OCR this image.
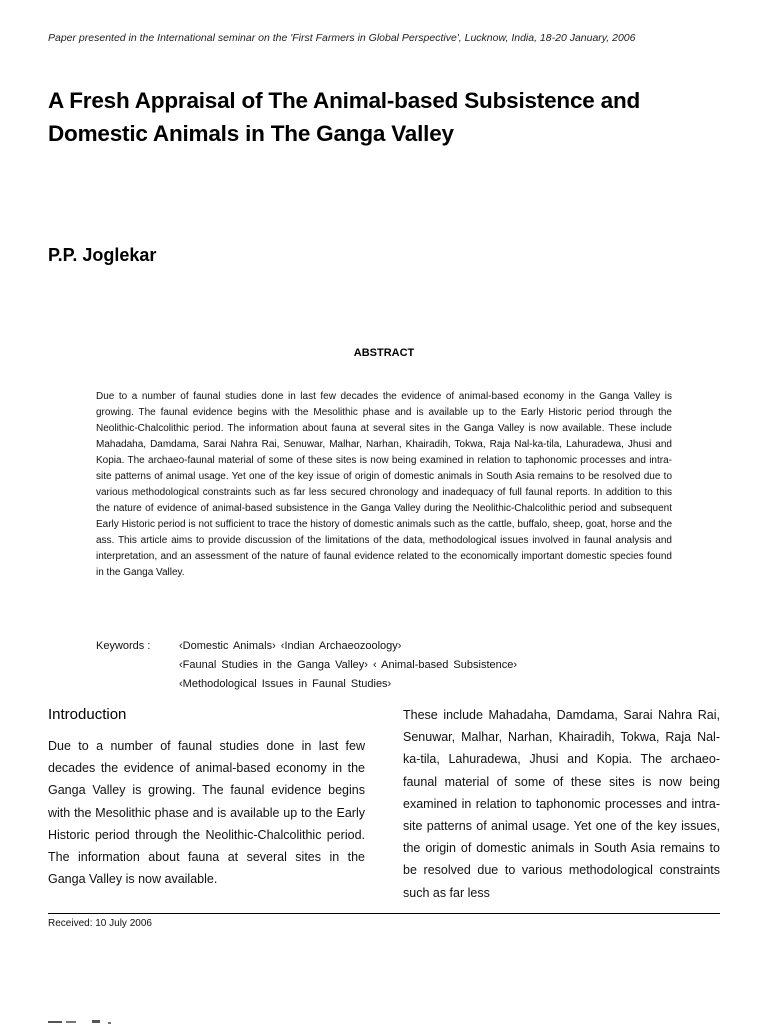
Paper presented in the International seminar on the 'First Farmers in Global Perspective', Lucknow, India, 18-20 January, 2006
A Fresh Appraisal of The Animal-based Subsistence and Domestic Animals in The Ganga Valley
P.P. Joglekar
ABSTRACT

Due to a number of faunal studies done in last few decades the evidence of animal-based economy in the Ganga Valley is growing. The faunal evidence begins with the Mesolithic phase and is available up to the Early Historic period through the Neolithic-Chalcolithic period. The information about fauna at several sites in the Ganga Valley is now available. These include Mahadaha, Damdama, Sarai Nahra Rai, Senuwar, Malhar, Narhan, Khairadih, Tokwa, Raja Nal-ka-tila, Lahuradewa, Jhusi and Kopia. The archaeo-faunal material of some of these sites is now being examined in relation to taphonomic processes and intra-site patterns of animal usage. Yet one of the key issue of origin of domestic animals in South Asia remains to be resolved due to various methodological constraints such as far less secured chronology and inadequacy of full faunal reports. In addition to this the nature of evidence of animal-based subsistence in the Ganga Valley during the Neolithic-Chalcolithic period and subsequent Early Historic period is not sufficient to trace the history of domestic animals such as the cattle, buffalo, sheep, goat, horse and the ass. This article aims to provide discussion of the limitations of the data, methodological issues involved in faunal analysis and interpretation, and an assessment of the nature of faunal evidence related to the economically important domestic species found in the Ganga Valley.

Keywords :	‹Domestic Animals› ‹Indian Archaeozoology›
‹Faunal Studies in the Ganga Valley› ‹ Animal-based Subsistence›
‹Methodological Issues in Faunal Studies›
Introduction

Due to a number of faunal studies done in last few decades the evidence of animal-based economy in the Ganga Valley is growing. The faunal evidence begins with the Mesolithic phase and is available up to the Early Historic period through the Neolithic-Chalcolithic period. The information about fauna at several sites in the Ganga Valley is now available.

These include Mahadaha, Damdama, Sarai Nahra Rai, Senuwar, Malhar, Narhan, Khairadih, Tokwa, Raja Nal-ka-tila, Lahuradewa, Jhusi and Kopia. The archaeo-faunal material of some of these sites is now being examined in relation to taphonomic processes and intra-site patterns of animal usage. Yet one of the key issues, the origin of domestic animals in South Asia remains to be resolved due to various methodological constraints such as far less

Received: 10 July 2006
